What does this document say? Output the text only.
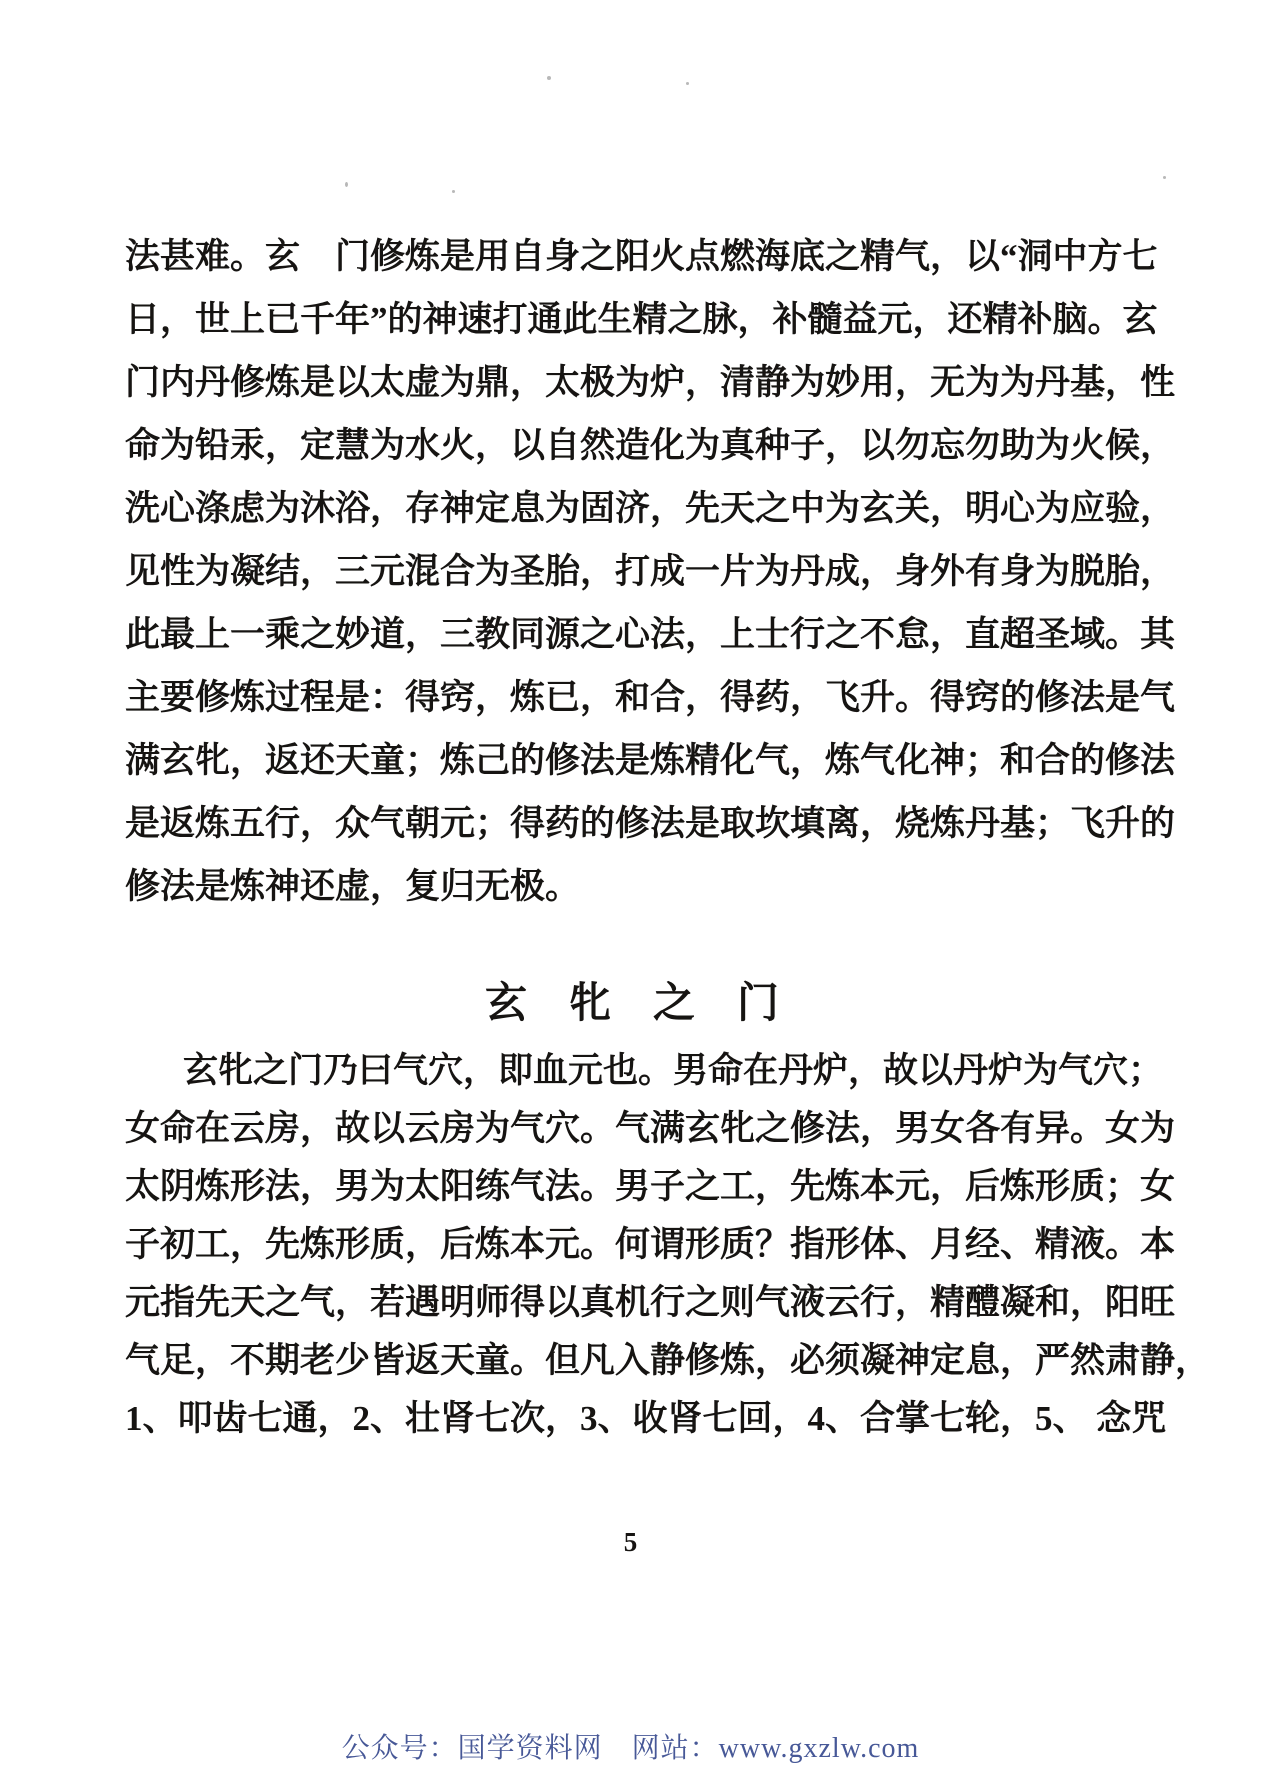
法甚难。玄　门修炼是用自身之阳火点燃海底之精气，以“洞中方七
日，世上已千年”的神速打通此生精之脉，补髓益元，还精补脑。玄
门内丹修炼是以太虚为鼎，太极为炉，清静为妙用，无为为丹基，性
命为铅汞，定慧为水火，以自然造化为真种子，以勿忘勿助为火候，
洗心涤虑为沐浴，存神定息为固济，先天之中为玄关，明心为应验，
见性为凝结，三元混合为圣胎，打成一片为丹成，身外有身为脱胎，
此最上一乘之妙道，三教同源之心法，上士行之不怠，直超圣域。其
主要修炼过程是：得窍，炼已，和合，得药，飞升。得窍的修法是气
满玄牝，返还天童；炼己的修法是炼精化气，炼气化神；和合的修法
是返炼五行，众气朝元；得药的修法是取坎填离，烧炼丹基；飞升的
修法是炼神还虚，复归无极。
玄　牝　之　门
玄牝之门乃曰气穴，即血元也。男命在丹炉，故以丹炉为气穴；
女命在云房，故以云房为气穴。气满玄牝之修法，男女各有异。女为
太阴炼形法，男为太阳练气法。男子之工，先炼本元，后炼形质；女
子初工，先炼形质，后炼本元。何谓形质？指形体、月经、精液。本
元指先天之气，若遇明师得以真机行之则气液云行，精醴凝和，阳旺
气足，不期老少皆返天童。但凡入静修炼，必须凝神定息，严然肃静，
1、叩齿七通，2、壮肾七次，3、收肾七回，4、合掌七轮，5、 念咒
5
公众号：国学资料网　网站：www.gxzlw.com
